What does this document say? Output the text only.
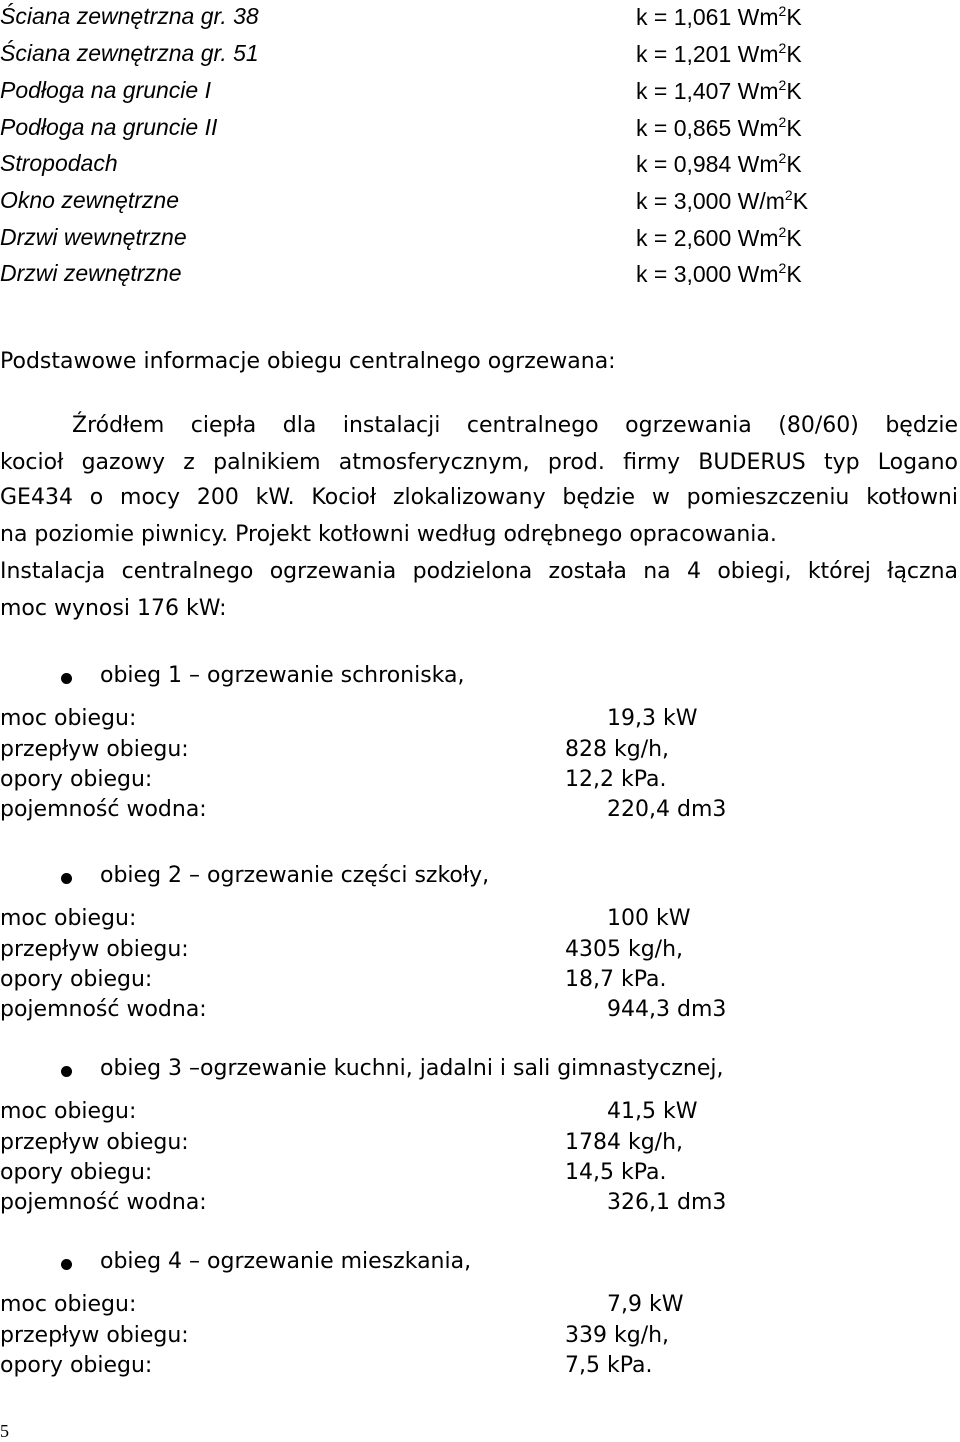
Ściana zewnętrzna gr. 38	k = 1,061 Wm$^2$K
Ściana zewnętrzna gr. 51	k = 1,201 Wm$^2$K
Podłoga na gruncie I	k = 1,407 Wm$^2$K
Podłoga na gruncie II	k = 0,865 Wm$^2$K
Stropodach	k = 0,984 Wm$^2$K
Okno zewnętrzne	k = 3,000 $W/m^2K$
Drzwi wewnętrzne	k = 2,600 Wm$^2$K
Drzwi zewnętrzne	k = 3,000 Wm$^2$K
Podstawowe informacje obiegu centralnego ogrzewana:
Źródłem ciepła dla instalacji centralnego ogrzewania (80/60) będzie
kocioł gazowy z palnikiem atmosferycznym, prod. firmy BUDERUS typ Logano
GE434 o mocy 200 kW. Kocioł zlokalizowany będzie w pomieszczeniu kotłowni
na poziomie piwnicy. Projekt kotłowni według odrębnego opracowania.
Instalacja centralnego ogrzewania podzielona została na 4 obiegi, której łączna
moc wynosi 176 kW:
obieg 1 – ogrzewanie schroniska,
moc obiegu:	19,3 kW
przepływ obiegu:	828 kg/h,
opory obiegu:	12,2 kPa.
pojemność wodna:	220,4 dm3
obieg 2 – ogrzewanie części szkoły,
moc obiegu:	100 kW
przepływ obiegu:	4305 kg/h,
opory obiegu:	18,7 kPa.
pojemność wodna:	944,3 dm3
obieg 3 –ogrzewanie kuchni, jadalni i sali gimnastycznej,
moc obiegu:	41,5 kW
przepływ obiegu:	1784 kg/h,
opory obiegu:	14,5 kPa.
pojemność wodna:	326,1 dm3
obieg 4 – ogrzewanie mieszkania,
moc obiegu:	7,9 kW
przepływ obiegu:	339 kg/h,
opory obiegu:	7,5 kPa.
5
